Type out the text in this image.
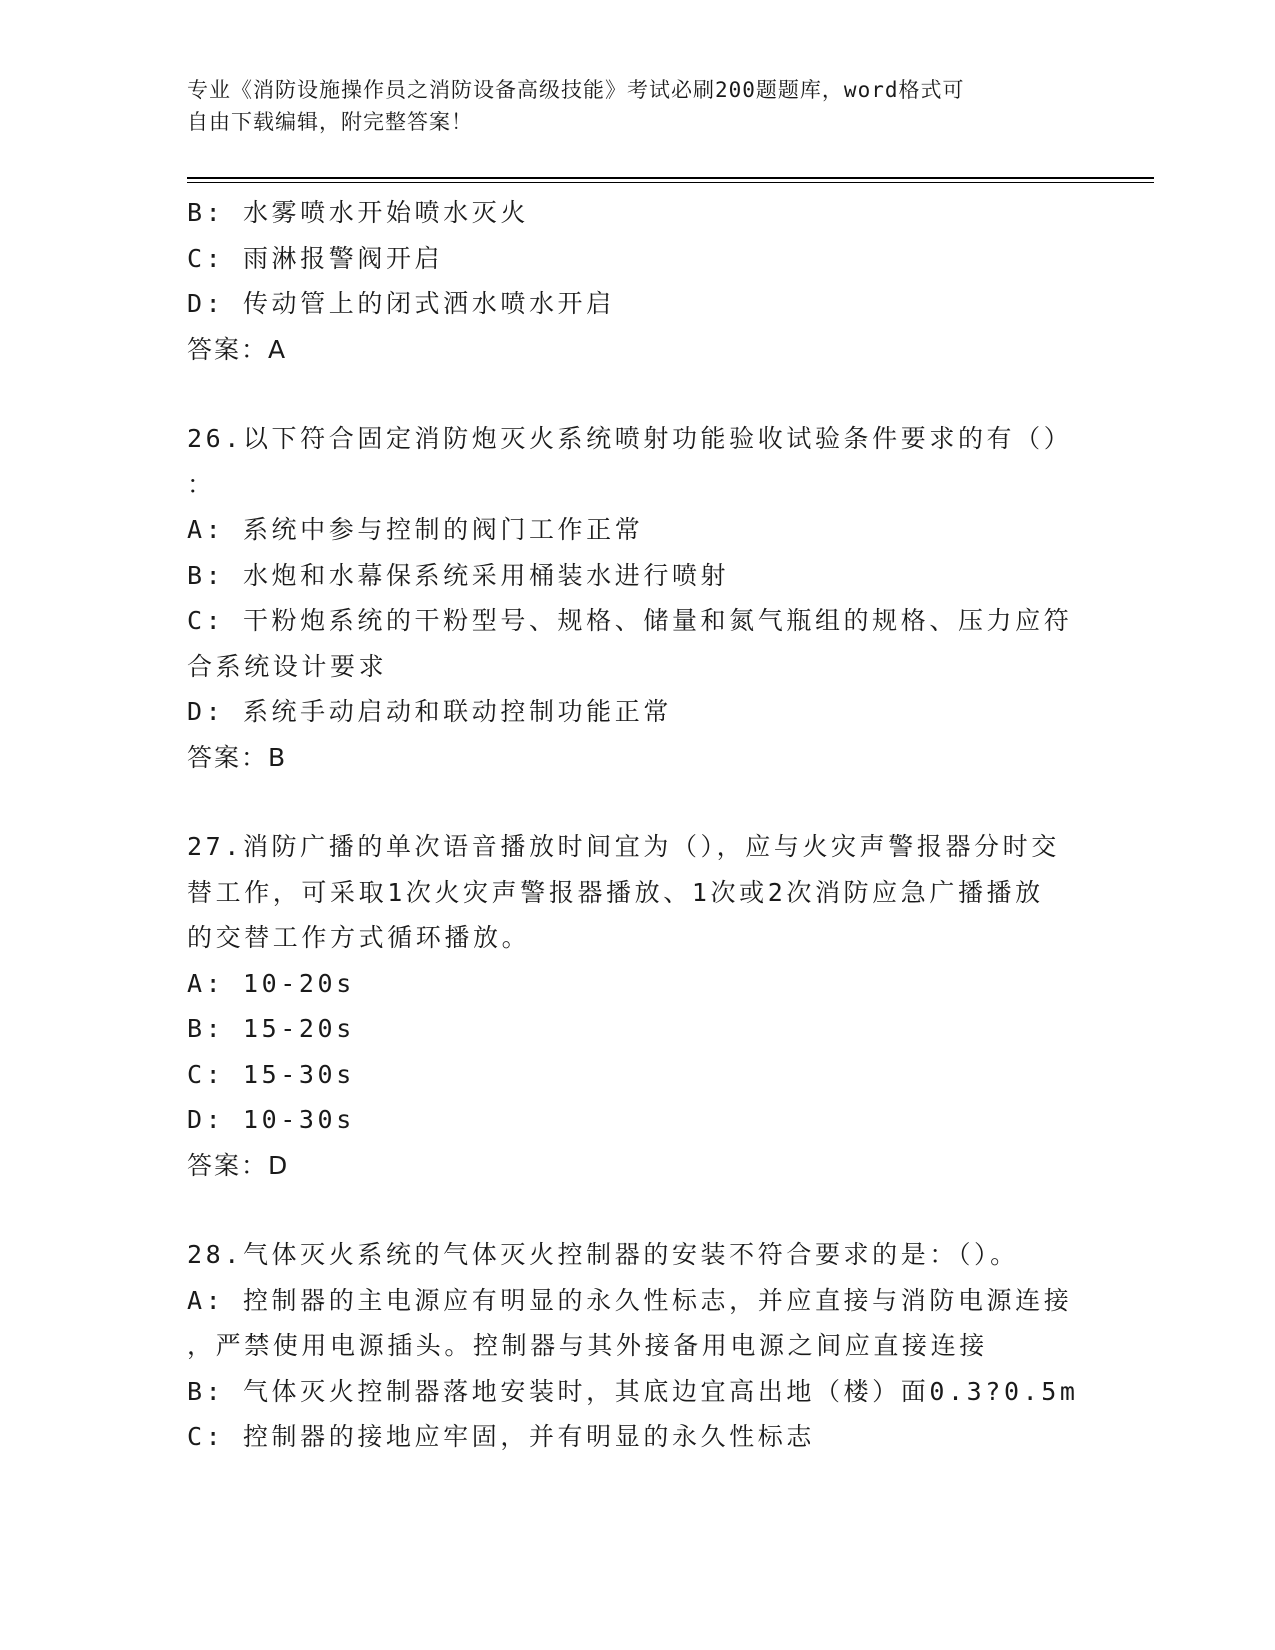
专业《消防设施操作员之消防设备高级技能》考试必刷200题题库，word格式可
自由下载编辑，附完整答案！
B: 水雾喷水开始喷水灭火
C: 雨淋报警阀开启
D: 传动管上的闭式洒水喷水开启
答案：A
26.以下符合固定消防炮灭火系统喷射功能验收试验条件要求的有（）
：
A: 系统中参与控制的阀门工作正常
B: 水炮和水幕保系统采用桶装水进行喷射
C: 干粉炮系统的干粉型号、规格、储量和氮气瓶组的规格、压力应符
合系统设计要求
D: 系统手动启动和联动控制功能正常
答案：B
27.消防广播的单次语音播放时间宜为（），应与火灾声警报器分时交
替工作，可采取1次火灾声警报器播放、1次或2次消防应急广播播放
的交替工作方式循环播放。
A: 10-20s
B: 15-20s
C: 15-30s
D: 10-30s
答案：D
28.气体灭火系统的气体灭火控制器的安装不符合要求的是：（）。
A: 控制器的主电源应有明显的永久性标志，并应直接与消防电源连接
，严禁使用电源插头。控制器与其外接备用电源之间应直接连接
B: 气体灭火控制器落地安装时，其底边宜高出地（楼）面0.3?0.5m
C: 控制器的接地应牢固，并有明显的永久性标志
